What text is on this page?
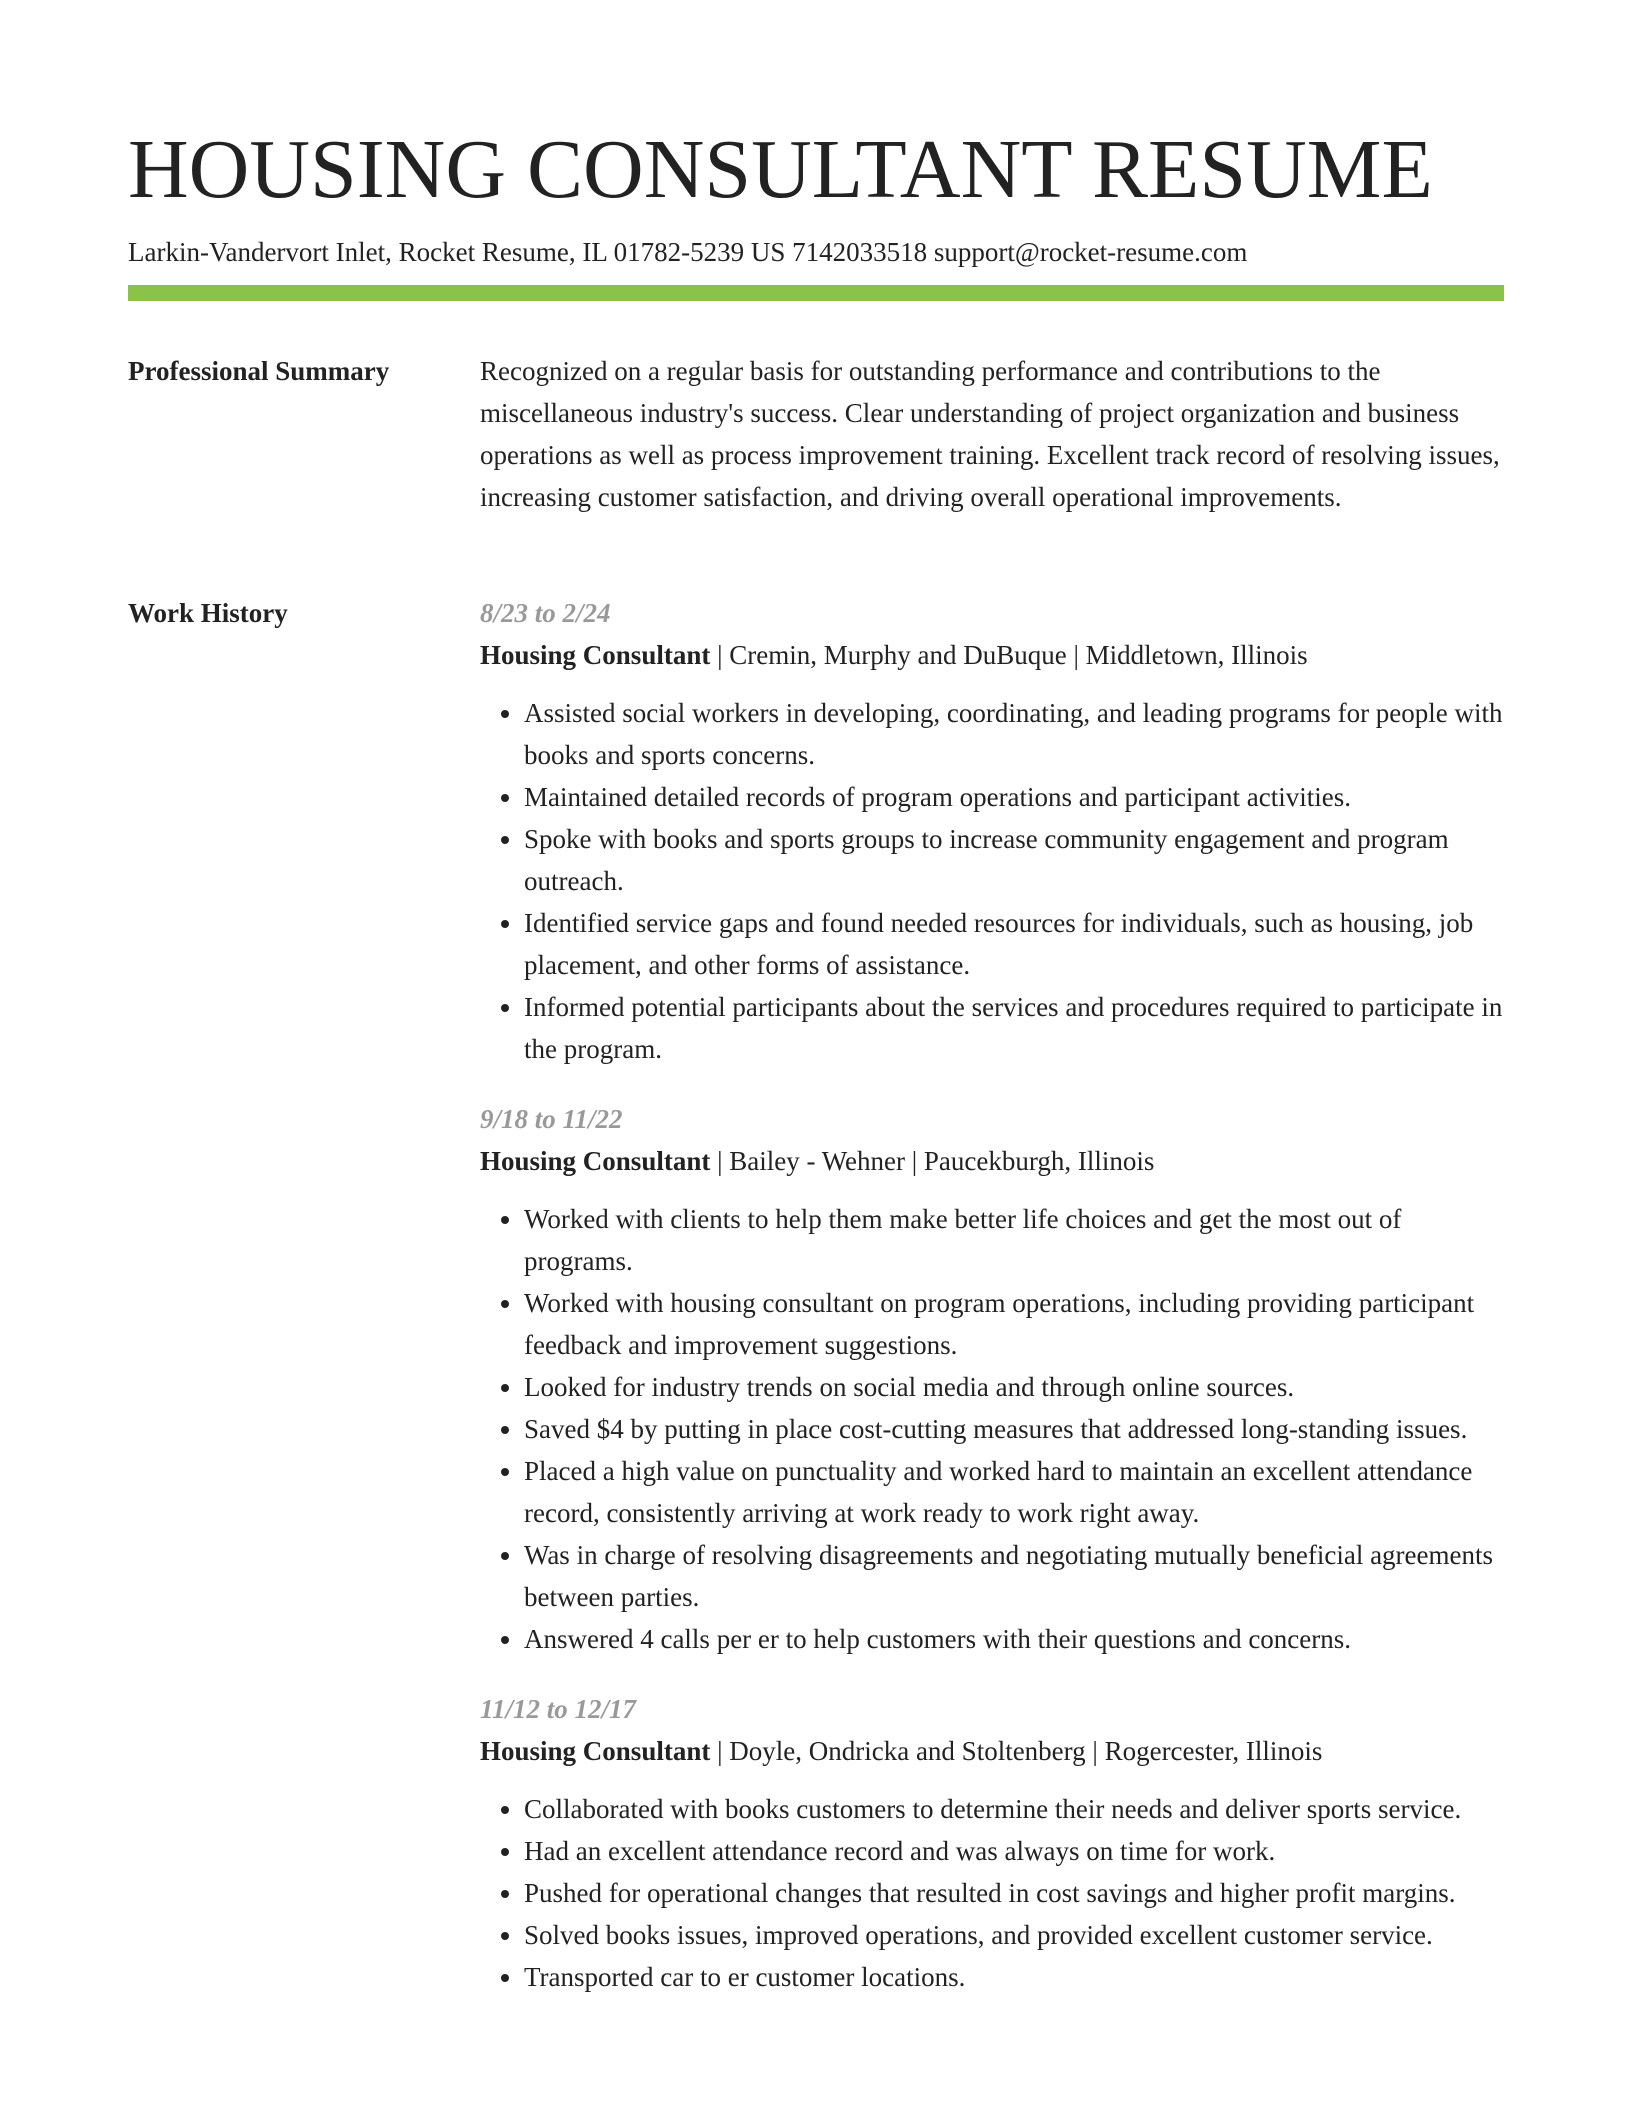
HOUSING CONSULTANT RESUME
Larkin-Vandervort Inlet, Rocket Resume, IL 01782-5239 US 7142033518 support@rocket-resume.com
Professional Summary	Recognized on a regular basis for outstanding performance and contributions to the miscellaneous industry's success. Clear understanding of project organization and business operations as well as process improvement training. Excellent track record of resolving issues, increasing customer satisfaction, and driving overall operational improvements.

Work History	8/23 to 2/24
Housing Consultant | Cremin, Murphy and DuBuque | Middletown, Illinois
• Assisted social workers in developing, coordinating, and leading programs for people with books and sports concerns.
• Maintained detailed records of program operations and participant activities.
• Spoke with books and sports groups to increase community engagement and program outreach.
• Identified service gaps and found needed resources for individuals, such as housing, job placement, and other forms of assistance.
• Informed potential participants about the services and procedures required to participate in the program.
9/18 to 11/22
Housing Consultant | Bailey - Wehner | Paucekburgh, Illinois
• Worked with clients to help them make better life choices and get the most out of programs.
• Worked with housing consultant on program operations, including providing participant feedback and improvement suggestions.
• Looked for industry trends on social media and through online sources.
• Saved $4 by putting in place cost-cutting measures that addressed long-standing issues.
• Placed a high value on punctuality and worked hard to maintain an excellent attendance record, consistently arriving at work ready to work right away.
• Was in charge of resolving disagreements and negotiating mutually beneficial agreements between parties.
• Answered 4 calls per er to help customers with their questions and concerns.
11/12 to 12/17
Housing Consultant | Doyle, Ondricka and Stoltenberg | Rogercester, Illinois
• Collaborated with books customers to determine their needs and deliver sports service.
• Had an excellent attendance record and was always on time for work.
• Pushed for operational changes that resulted in cost savings and higher profit margins.
• Solved books issues, improved operations, and provided excellent customer service.
• Transported car to er customer locations.
